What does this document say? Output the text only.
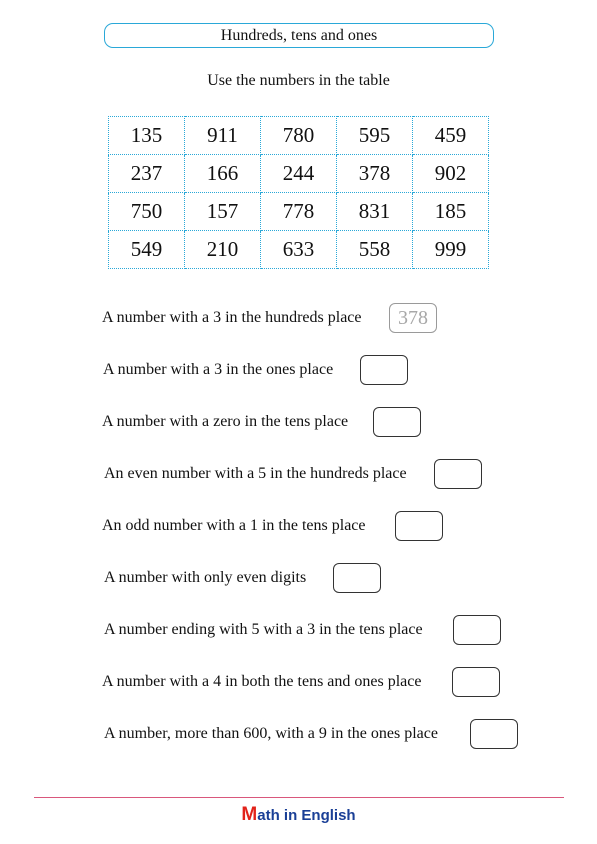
Hundreds, tens and ones
Use the numbers in the table
135	911	780	595	459
237	166	244	378	902
750	157	778	831	185
549	210	633	558	999
A number with a 3 in the hundreds place	378
A number with a 3 in the ones place
A number with a zero in the tens place
An even number with a 5 in the hundreds place
An odd number with a 1 in the tens place
A number with only even digits
A number ending with 5 with a 3 in the tens place
A number with a 4 in both the tens and ones place
A number, more than 600, with a 9 in the ones place
Math in English
